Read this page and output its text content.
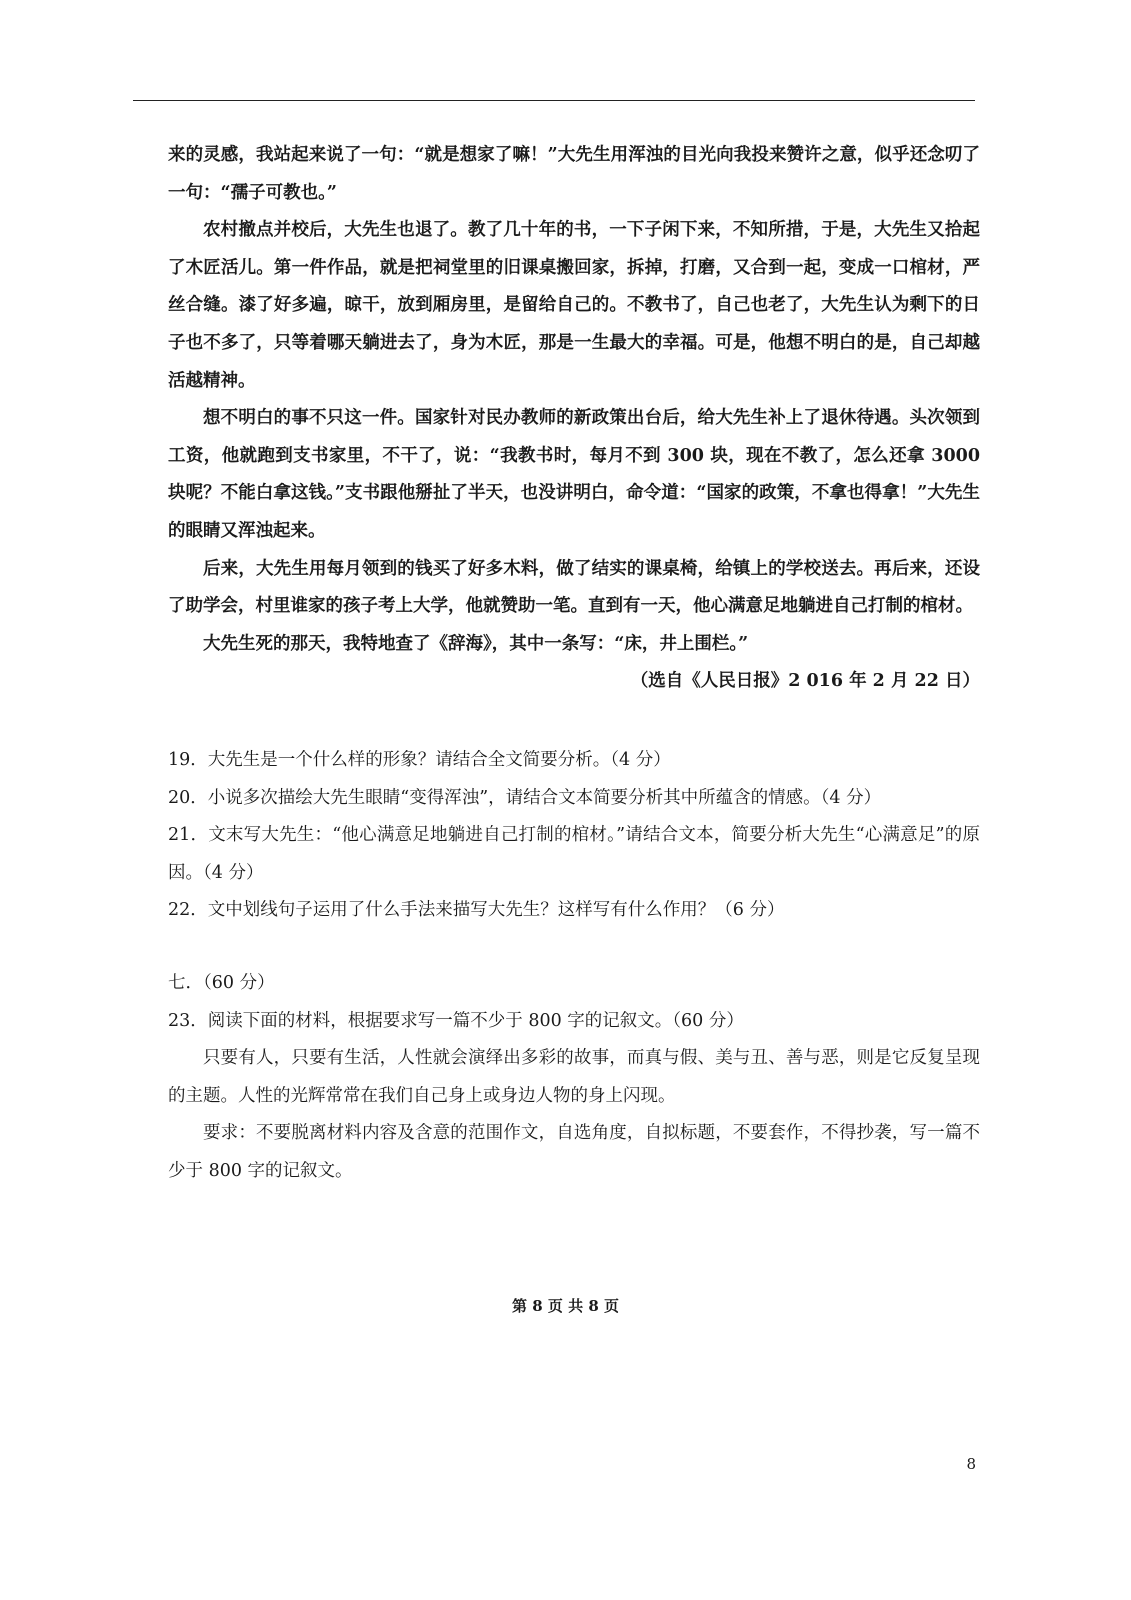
来的灵感，我站起来说了一句：“就是想家了嘛！”大先生用浑浊的目光向我投来赞许之意，似乎还念叨了一句：“孺子可教也。”

农村撤点并校后，大先生也退了。教了几十年的书，一下子闲下来，不知所措，于是，大先生又拾起了木匠活儿。第一件作品，就是把祠堂里的旧课桌搬回家，拆掉，打磨，又合到一起，变成一口棺材，严丝合缝。漆了好多遍，晾干，放到厢房里，是留给自己的。不教书了，自己也老了，大先生认为剩下的日子也不多了，只等着哪天躺进去了，身为木匠，那是一生最大的幸福。可是，他想不明白的是，自己却越活越精神。

想不明白的事不只这一件。国家针对民办教师的新政策出台后，给大先生补上了退休待遇。头次领到工资，他就跑到支书家里，不干了，说：“我教书时，每月不到 300 块，现在不教了，怎么还拿 3000 块呢？不能白拿这钱。”支书跟他掰扯了半天，也没讲明白，命令道：“国家的政策，不拿也得拿！”大先生的眼睛又浑浊起来。

后来，大先生用每月领到的钱买了好多木料，做了结实的课桌椅，给镇上的学校送去。再后来，还设了助学会，村里谁家的孩子考上大学，他就赞助一笔。直到有一天，他心满意足地躺进自己打制的棺材。

大先生死的那天，我特地查了《辞海》，其中一条写：“床，井上围栏。”

（选自《人民日报》2 016 年 2 月 22 日）

19．大先生是一个什么样的形象？请结合全文简要分析。（4 分）

20．小说多次描绘大先生眼睛“变得浑浊”，请结合文本简要分析其中所蕴含的情感。（4 分）

21．文末写大先生：“他心满意足地躺进自己打制的棺材。”请结合文本，简要分析大先生“心满意足”的原因。（4 分）

22．文中划线句子运用了什么手法来描写大先生？这样写有什么作用？（6 分）

七．（60 分）

23．阅读下面的材料，根据要求写一篇不少于 800 字的记叙文。（60 分）

只要有人，只要有生活，人性就会演绎出多彩的故事，而真与假、美与丑、善与恶，则是它反复呈现的主题。人性的光辉常常在我们自己身上或身边人物的身上闪现。

要求：不要脱离材料内容及含意的范围作文，自选角度，自拟标题，不要套作，不得抄袭，写一篇不少于 800 字的记叙文。

第 8 页 共 8 页
8
